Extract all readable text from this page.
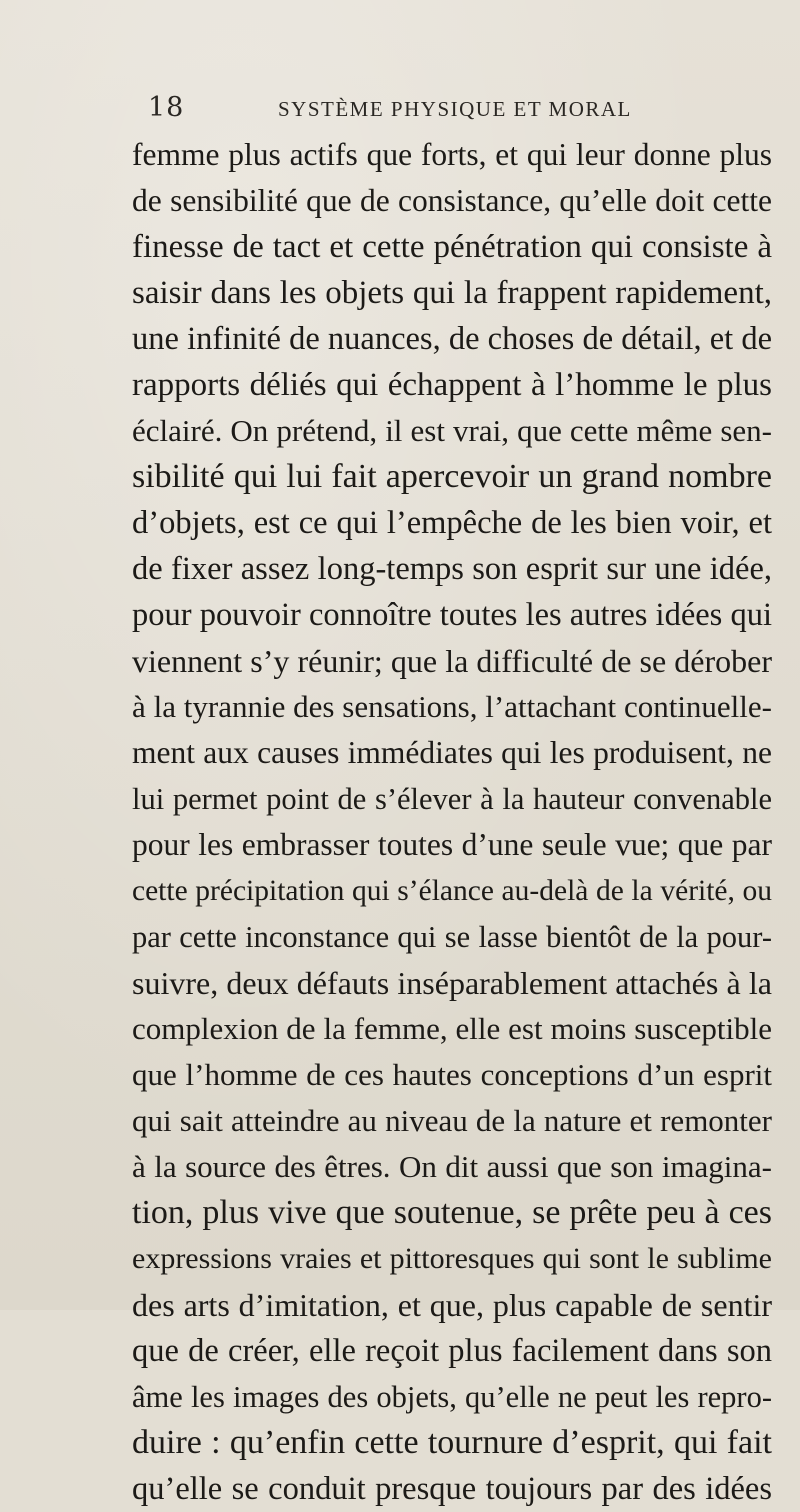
18	SYSTÈME PHYSIQUE ET MORAL
femme plus actifs que forts, et qui leur donne plus
de sensibilité que de consistance, qu’elle doit cette
finesse de tact et cette pénétration qui consiste à
saisir dans les objets qui la frappent rapidement,
une infinité de nuances, de choses de détail, et de
rapports déliés qui échappent à l’homme le plus
éclairé. On prétend, il est vrai, que cette même sen-
sibilité qui lui fait apercevoir un grand nombre
d’objets, est ce qui l’empêche de les bien voir, et
de fixer assez long-temps son esprit sur une idée,
pour pouvoir connoître toutes les autres idées qui
viennent s’y réunir; que la difficulté de se dérober
à la tyrannie des sensations, l’attachant continuelle-
ment aux causes immédiates qui les produisent, ne
lui permet point de s’élever à la hauteur convenable
pour les embrasser toutes d’une seule vue; que par
cette précipitation qui s’élance au-delà de la vérité, ou
par cette inconstance qui se lasse bientôt de la pour-
suivre, deux défauts inséparablement attachés à la
complexion de la femme, elle est moins susceptible
que l’homme de ces hautes conceptions d’un esprit
qui sait atteindre au niveau de la nature et remonter
à la source des êtres. On dit aussi que son imagina-
tion, plus vive que soutenue, se prête peu à ces
expressions vraies et pittoresques qui sont le sublime
des arts d’imitation, et que, plus capable de sentir
que de créer, elle reçoit plus facilement dans son
âme les images des objets, qu’elle ne peut les repro-
duire : qu’enfin cette tournure d’esprit, qui fait
qu’elle se conduit presque toujours par des idées
